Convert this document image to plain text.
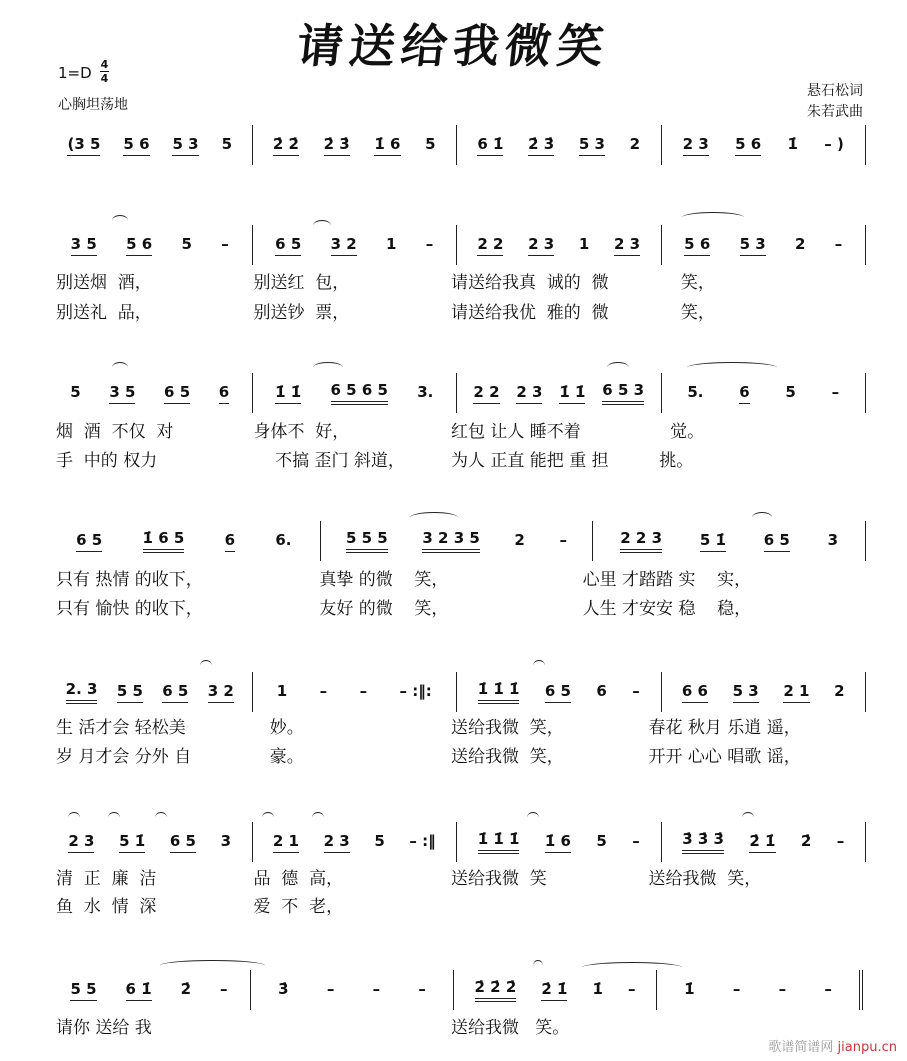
请送给我微笑
1=D 4
4
心胸坦荡地
悬石松词
朱若武曲
(3 5 5 6 5 3 5	2̇ 2̇ 2̇ 3̇ 1̇ 6 5	6 1̇ 2̇ 3̇ 5 3 2	2 3 5 6 1̇ – )
3 5 5 6 5 –	6 5 3 2 1 –	2 2 2 3 1 2 3	5 6 5 3 2 –
别送烟  酒，	别送红  包，	请送给我真  诚的  微	笑，
别送礼  品，	别送钞  票，	请送给我优  雅的  微	笑，
5 3 5 6 5 6	1̇ 1̇ 6 5 6 5 3.	2 2 2 3 1̇ 1̇ 6 5 3	5. 6 5 –
烟  酒  不仅  对	身体不  好，	红包 让人 睡不着	觉。
手  中的 权力	不搞 歪门 斜道，	为人 正直 能把 重 担	挑。
6 5	1̇ 6 5	6	6.	5 5 5 3 2 3 5 2 –	2 2 3	5 1̇	6 5	3
只有 热情 的收下，	真挚 的微    笑，	心里 才踏踏 实    实，
只有 愉快 的收下，	友好 的微    笑，	人生 才安安 稳    稳，
2. 3 5 5 6 5 3 2	1 – – – :‖:	1̇ 1̇ 1̇ 6 5 6 –	6 6 5 3 2 1 2
生 活才会 轻松美	妙。	送给我微  笑，	春花 秋月 乐逍 遥，
岁 月才会 分外 自	豪。	送给我微  笑，	开开 心心 唱歌 谣，
2 3 5 1̇ 6 5 3	2 1 2 3 5 – :‖	1̇ 1̇ 1̇ 1̇ 6 5 –	3̇ 3̇ 3̇ 2̇ 1̇ 2̇ –
清  正  廉  洁	品  德  高，	送给我微  笑	送给我微  笑，
鱼  水  情  深	爱  不  老，
5 5 6 1̇ 2̇ –	3̇	–	–	–	2̇ 2̇ 2̇ 2̇ 1̇ 1̇ –	1̇	–	–	–
请你 送给 我	送给我微   笑。
歌谱简谱网 jianpu.cn
